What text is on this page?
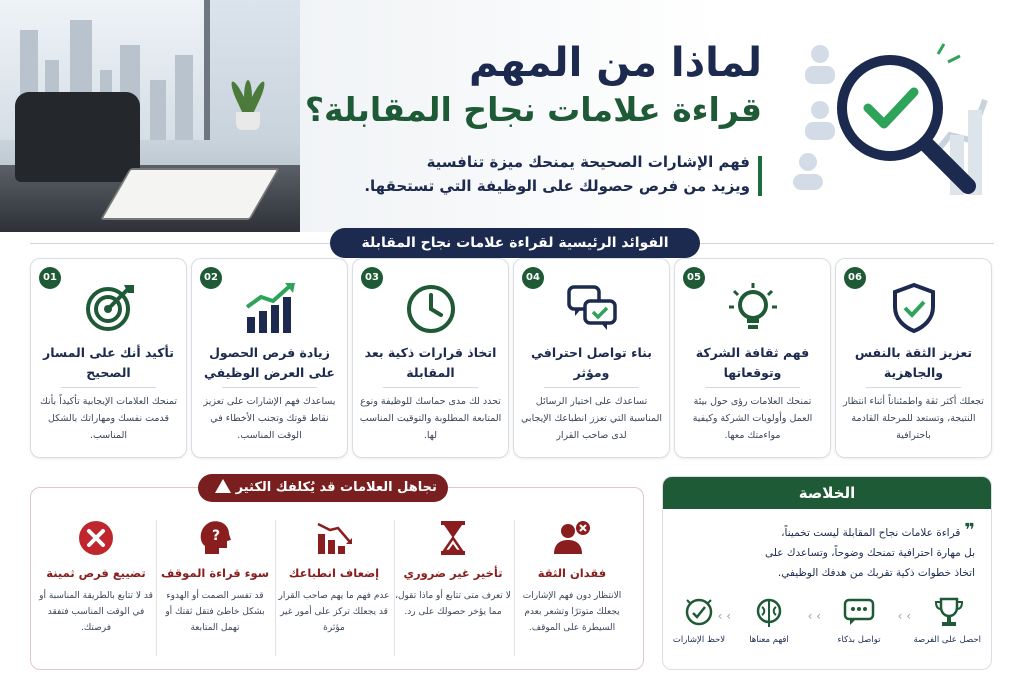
لماذا من المهم
قراءة علامات نجاح المقابلة؟
فهم الإشارات الصحيحة يمنحك ميزة تنافسية
ويزيد من فرص حصولك على الوظيفة التي تستحقها.
الفوائد الرئيسية لقراءة علامات نجاح المقابلة
01
تأكيد أنك على المسار الصحيح
تمنحك العلامات الإيجابية تأكيداً بأنك قدمت نفسك ومهاراتك بالشكل المناسب.
02
زيادة فرص الحصول على العرض الوظيفي
يساعدك فهم الإشارات على تعزيز نقاط قوتك وتجنب الأخطاء في الوقت المناسب.
03
اتخاذ قرارات ذكية بعد المقابلة
تحدد لك مدى حماسك للوظيفة ونوع المتابعة المطلوبة والتوقيت المناسب لها.
04
بناء تواصل احترافي ومؤثر
تساعدك على اختيار الرسائل المناسبة التي تعزز انطباعك الإيجابي لدى صاحب القرار
05
فهم ثقافة الشركة وتوقعاتها
تمنحك العلامات رؤى حول بيئة العمل وأولويات الشركة وكيفية مواءمتك معها.
06
تعزيز الثقة بالنفس والجاهزية
تجعلك أكثر ثقة واطمئناناً أثناء انتظار النتيجة، وتستعد للمرحلة القادمة باحترافية
تجاهل العلامات قد يُكلفك الكثير
فقدان الثقة
الانتظار دون فهم الإشارات يجعلك متوترًا وتشعر بعدم السيطرة على الموقف.
تأخير غير ضروري
لا تعرف متى تتابع أو ماذا تقول، مما يؤخر حصولك على رد.
إضعاف انطباعك
عدم فهم ما يهم صاحب القرار قد يجعلك تركز على أمور غير مؤثرة
?
سوء قراءة الموقف
قد تفسر الصمت أو الهدوء بشكل خاطئ فتقل ثقتك أو تهمل المتابعة
تضييع فرص ثمينة
قد لا تتابع بالطريقة المناسبة أو في الوقت المناسب فتفقد فرصتك.
الخلاصة
❞قراءة علامات نجاح المقابلة ليست تخميناً،
بل مهارة احترافية تمنحك وضوحاً، وتساعدك على
اتخاذ خطوات ذكية تقربك من هدفك الوظيفي.
احصل على الفرصة
‹ ‹
تواصل بذكاء
‹ ‹
افهم معناها
‹ ‹
لاحظ الإشارات
